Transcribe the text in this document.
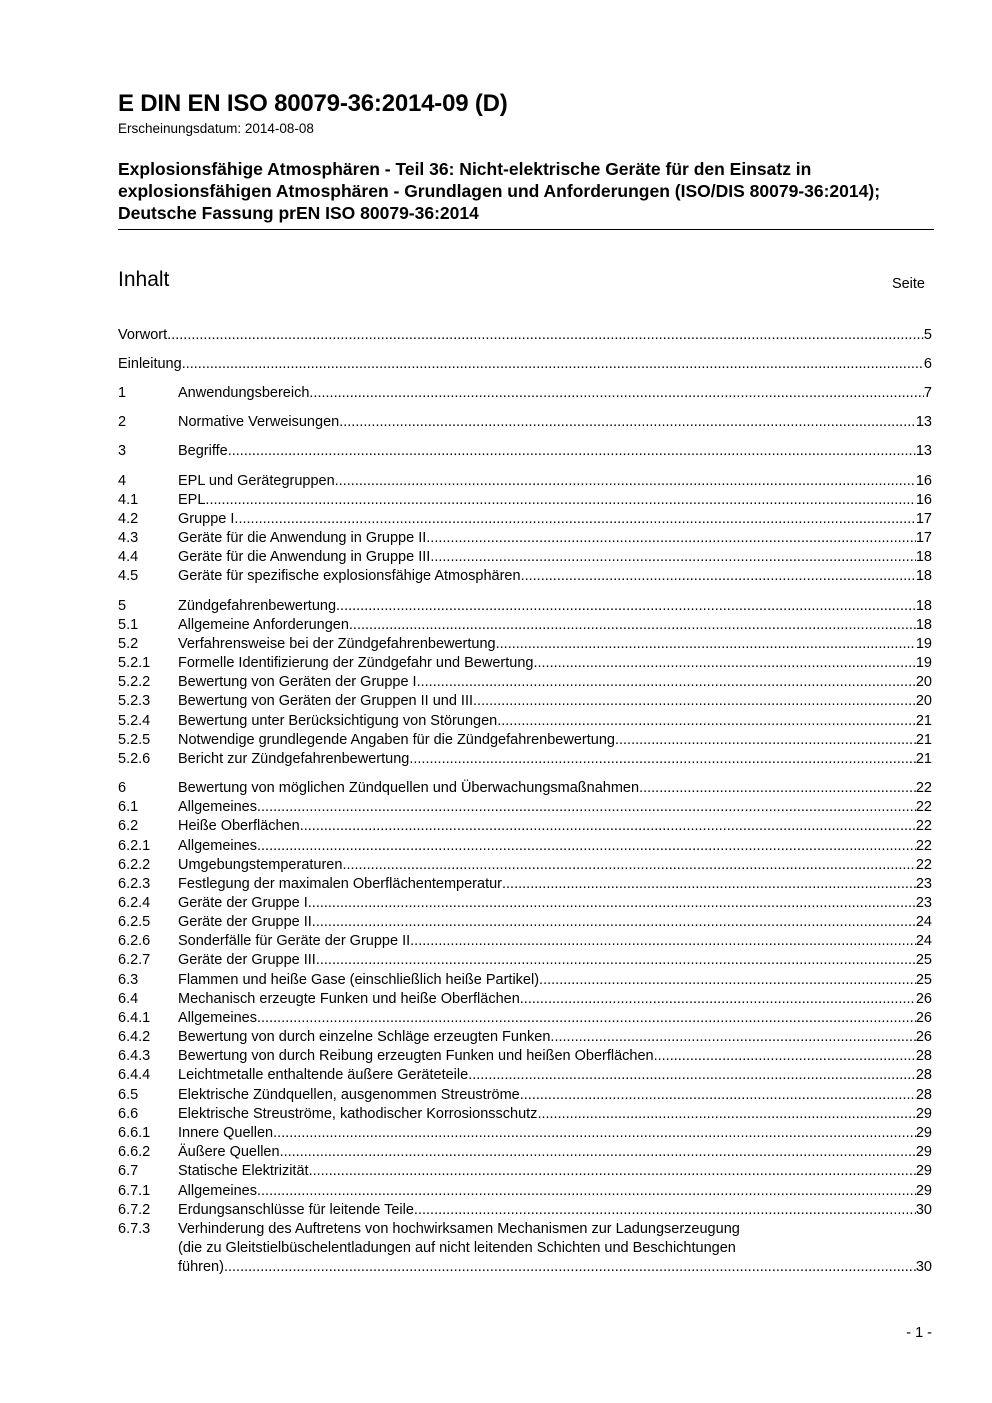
E DIN EN ISO 80079-36:2014-09 (D)
Erscheinungsdatum: 2014-08-08
Explosionsfähige Atmosphären - Teil 36: Nicht-elektrische Geräte für den Einsatz in explosionsfähigen Atmosphären - Grundlagen und Anforderungen (ISO/DIS 80079-36:2014); Deutsche Fassung prEN ISO 80079-36:2014
Inhalt	Seite
Vorwort .....	5
Einleitung .....	6
1	Anwendungsbereich .....	7
2	Normative Verweisungen .....	13
3	Begriffe .....	13
4	EPL und Gerätegruppen .....	16
4.1	EPL .....	16
4.2	Gruppe I .....	17
4.3	Geräte für die Anwendung in Gruppe II .....	17
4.4	Geräte für die Anwendung in Gruppe III .....	18
4.5	Geräte für spezifische explosionsfähige Atmosphären .....	18
5	Zündgefahrenbewertung .....	18
5.1	Allgemeine Anforderungen .....	18
5.2	Verfahrensweise bei der Zündgefahrenbewertung .....	19
5.2.1 Formelle Identifizierung der Zündgefahr und Bewertung .....	19
5.2.2 Bewertung von Geräten der Gruppe I .....	20
5.2.3 Bewertung von Geräten der Gruppen II und III .....	20
5.2.4 Bewertung unter Berücksichtigung von Störungen .....	21
5.2.5 Notwendige grundlegende Angaben für die Zündgefahrenbewertung .....	21
5.2.6 Bericht zur Zündgefahrenbewertung .....	21
6	Bewertung von möglichen Zündquellen und Überwachungsmaßnahmen .....	22
6.1	Allgemeines .....	22
6.2	Heiße Oberflächen .....	22
6.2.1 Allgemeines .....	22
6.2.2 Umgebungstemperaturen .....	22
6.2.3 Festlegung der maximalen Oberflächentemperatur .....	23
6.2.4 Geräte der Gruppe I .....	23
6.2.5 Geräte der Gruppe II .....	24
6.2.6 Sonderfälle für Geräte der Gruppe II .....	24
6.2.7 Geräte der Gruppe III .....	25
6.3	Flammen und heiße Gase (einschließlich heiße Partikel) .....	25
6.4	Mechanisch erzeugte Funken und heiße Oberflächen .....	26
6.4.1 Allgemeines .....	26
6.4.2 Bewertung von durch einzelne Schläge erzeugten Funken .....	26
6.4.3 Bewertung von durch Reibung erzeugten Funken und heißen Oberflächen .....	28
6.4.4 Leichtmetalle enthaltende äußere Geräteteile .....	28
6.5	Elektrische Zündquellen, ausgenommen Streuströme .....	28
6.6	Elektrische Streuströme, kathodischer Korrosionsschutz .....	29
6.6.1 Innere Quellen .....	29
6.6.2 Äußere Quellen .....	29
6.7	Statische Elektrizität .....	29
6.7.1 Allgemeines .....	29
6.7.2 Erdungsanschlüsse für leitende Teile .....	30
6.7.3 Verhinderung des Auftretens von hochwirksamen Mechanismen zur Ladungserzeugung
(die zu Gleitstielbüschelentladungen auf nicht leitenden Schichten und Beschichtungen
führen) .....	30
- 1 -
